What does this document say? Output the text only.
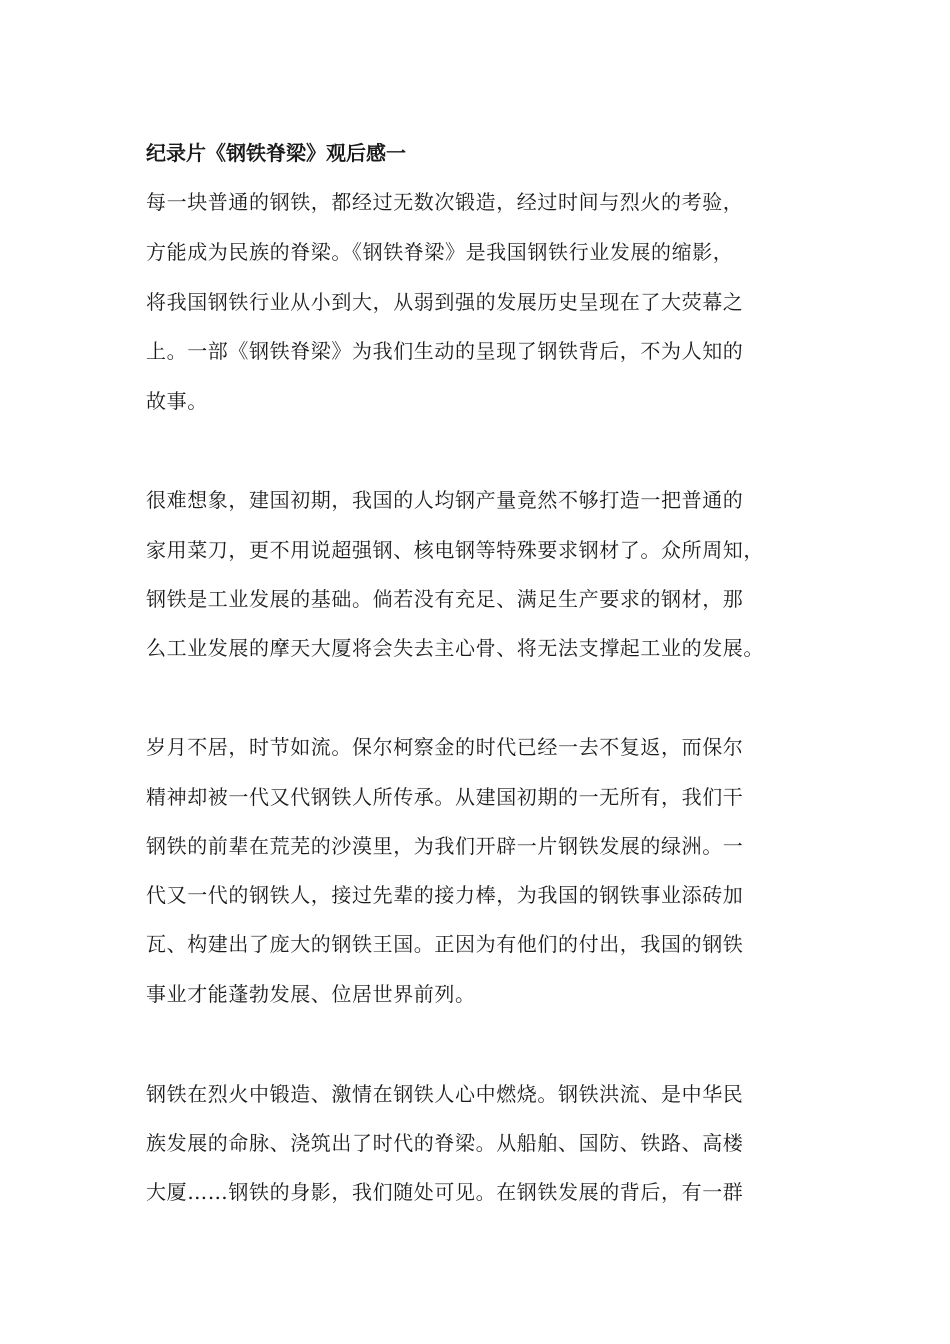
纪录片《钢铁脊梁》观后感一
每一块普通的钢铁，都经过无数次锻造，经过时间与烈火的考验，
方能成为民族的脊梁。《钢铁脊梁》是我国钢铁行业发展的缩影，
将我国钢铁行业从小到大，从弱到强的发展历史呈现在了大荧幕之
上。一部《钢铁脊梁》为我们生动的呈现了钢铁背后，不为人知的
故事。
很难想象，建国初期，我国的人均钢产量竟然不够打造一把普通的
家用菜刀，更不用说超强钢、核电钢等特殊要求钢材了。众所周知，
钢铁是工业发展的基础。倘若没有充足、满足生产要求的钢材，那
么工业发展的摩天大厦将会失去主心骨、将无法支撑起工业的发展。
岁月不居，时节如流。保尔柯察金的时代已经一去不复返，而保尔
精神却被一代又代钢铁人所传承。从建国初期的一无所有，我们干
钢铁的前辈在荒芜的沙漠里，为我们开辟一片钢铁发展的绿洲。一
代又一代的钢铁人，接过先辈的接力棒，为我国的钢铁事业添砖加
瓦、构建出了庞大的钢铁王国。正因为有他们的付出，我国的钢铁
事业才能蓬勃发展、位居世界前列。
钢铁在烈火中锻造、激情在钢铁人心中燃烧。钢铁洪流、是中华民
族发展的命脉、浇筑出了时代的脊梁。从船舶、国防、铁路、高楼
大厦……钢铁的身影，我们随处可见。在钢铁发展的背后，有一群
